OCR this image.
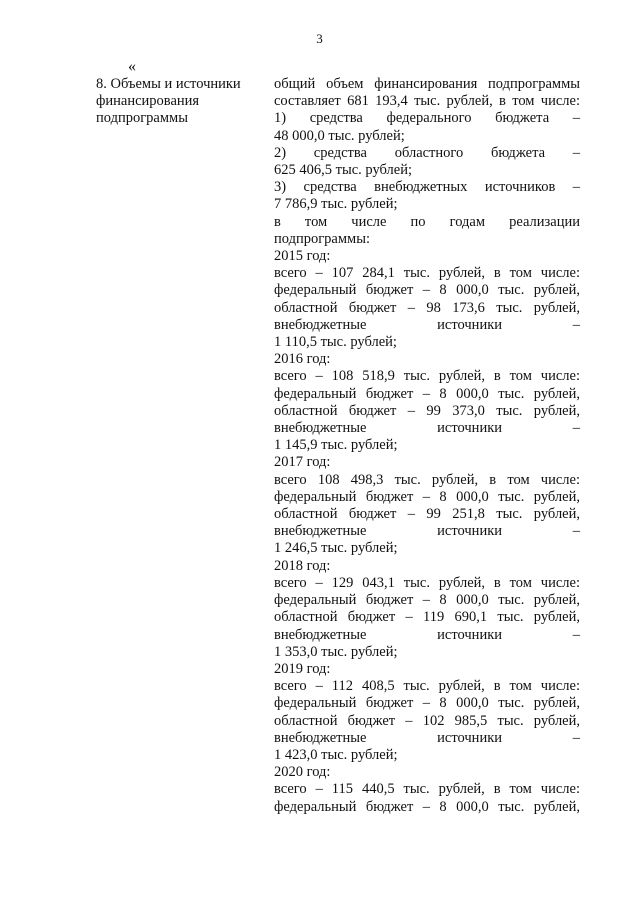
3
«
8. Объемы и источники
финансирования
подпрограммы
общий объем финансирования подпрограммы
составляет 681 193,4 тыс. рублей, в том числе:
1) средства федерального бюджета –
48 000,0 тыс. рублей;
2) средства областного бюджета –
625 406,5 тыс. рублей;
3) средства внебюджетных источников –
7 786,9 тыс. рублей;
в том числе по годам реализации
подпрограммы:
2015 год:
всего – 107 284,1 тыс. рублей, в том числе:
федеральный бюджет – 8 000,0 тыс. рублей,
областной бюджет – 98 173,6 тыс. рублей,
внебюджетные источники –
1 110,5 тыс. рублей;
2016 год:
всего – 108 518,9 тыс. рублей, в том числе:
федеральный бюджет – 8 000,0 тыс. рублей,
областной бюджет – 99 373,0 тыс. рублей,
внебюджетные источники –
1 145,9 тыс. рублей;
2017 год:
всего 108 498,3 тыс. рублей, в том числе:
федеральный бюджет – 8 000,0 тыс. рублей,
областной бюджет – 99 251,8 тыс. рублей,
внебюджетные источники –
1 246,5 тыс. рублей;
2018 год:
всего – 129 043,1 тыс. рублей, в том числе:
федеральный бюджет – 8 000,0 тыс. рублей,
областной бюджет – 119 690,1 тыс. рублей,
внебюджетные источники –
1 353,0 тыс. рублей;
2019 год:
всего – 112 408,5 тыс. рублей, в том числе:
федеральный бюджет – 8 000,0 тыс. рублей,
областной бюджет – 102 985,5 тыс. рублей,
внебюджетные источники –
1 423,0 тыс. рублей;
2020 год:
всего – 115 440,5 тыс. рублей, в том числе:
федеральный бюджет – 8 000,0 тыс. рублей,
